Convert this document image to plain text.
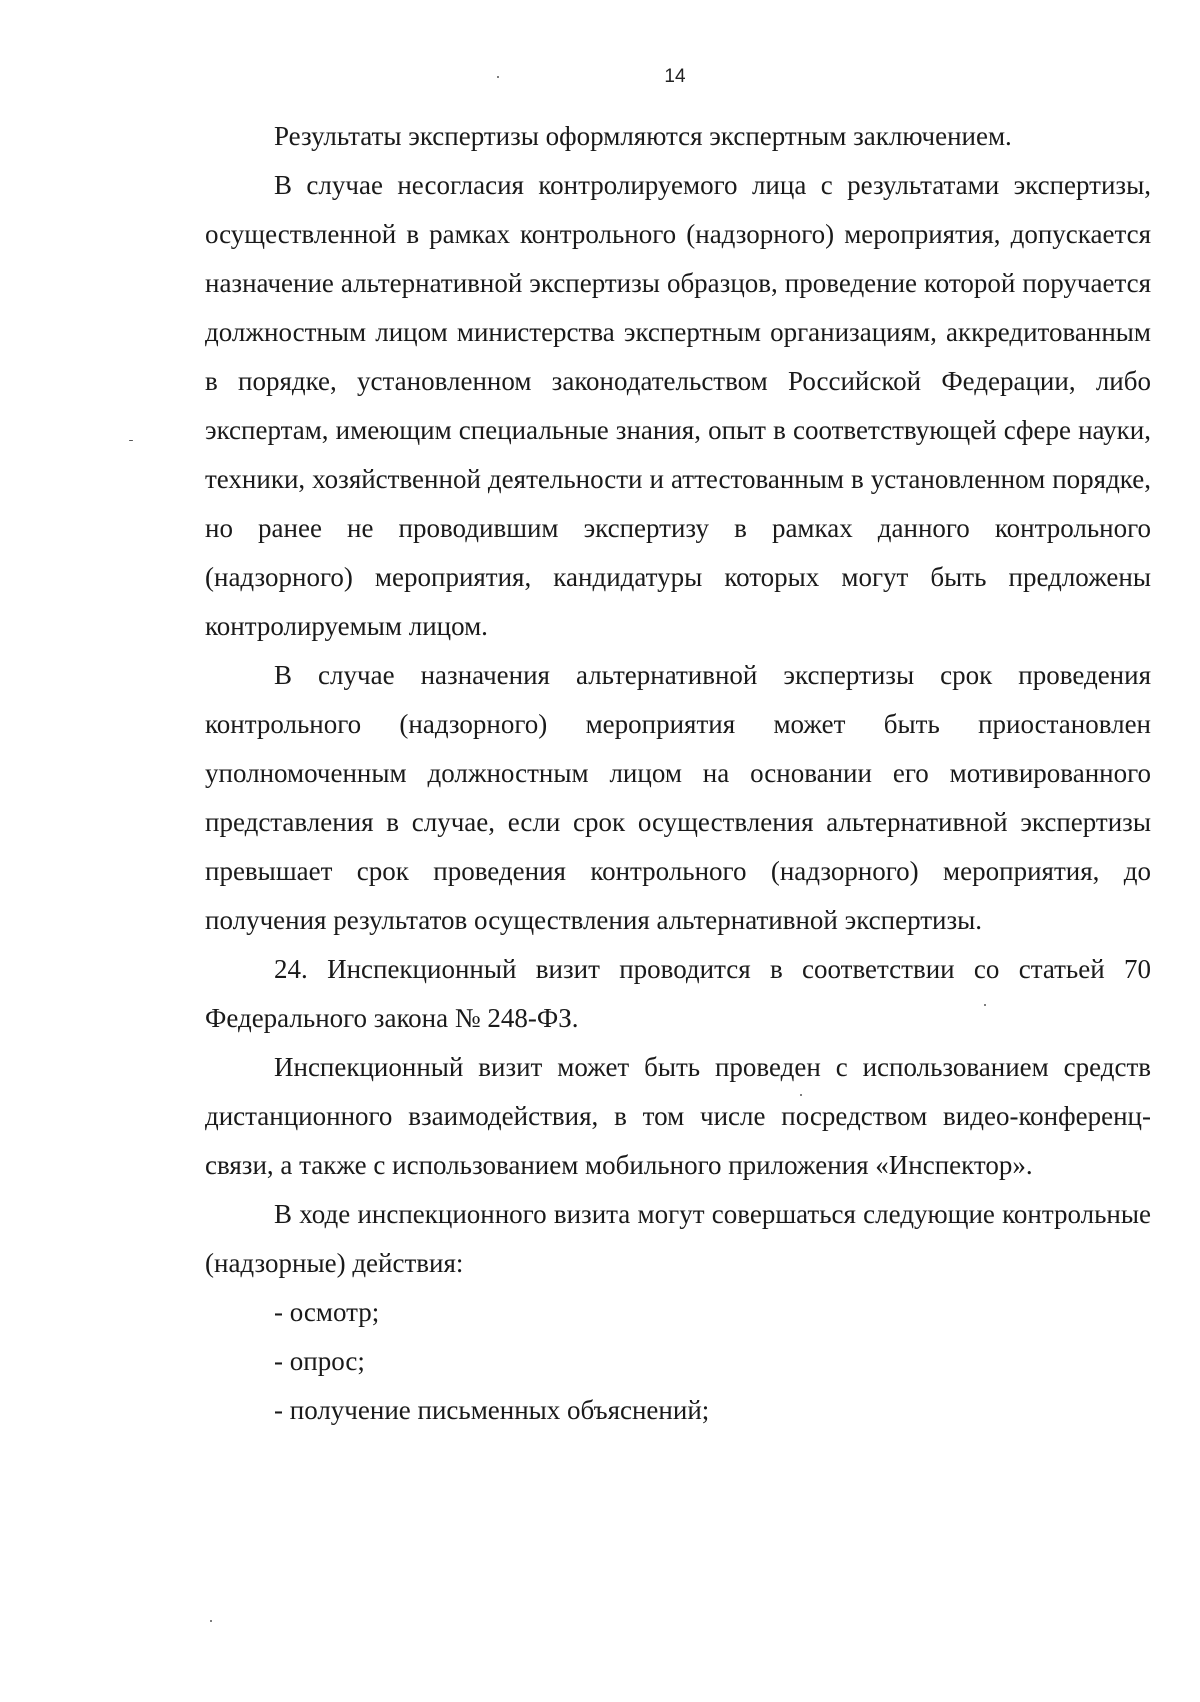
14

Результаты экспертизы оформляются экспертным заключением.

В случае несогласия контролируемого лица с результатами экспертизы, осуществленной в рамках контрольного (надзорного) мероприятия, допускается назначение альтернативной экспертизы образцов, проведение которой поручается должностным лицом министерства экспертным организациям, аккредитованным в порядке, установленном законодательством Российской Федерации, либо экспертам, имеющим специальные знания, опыт в соответствующей сфере науки, техники, хозяйственной деятельности и аттестованным в установленном порядке, но ранее не проводившим экспертизу в рамках данного контрольного (надзорного) мероприятия, кандидатуры которых могут быть предложены контролируемым лицом.

В случае назначения альтернативной экспертизы срок проведения контрольного (надзорного) мероприятия может быть приостановлен уполномоченным должностным лицом на основании его мотивированного представления в случае, если срок осуществления альтернативной экспертизы превышает срок проведения контрольного (надзорного) мероприятия, до получения результатов осуществления альтернативной экспертизы.

24. Инспекционный визит проводится в соответствии со статьей 70 Федерального закона № 248-ФЗ.

Инспекционный визит может быть проведен с использованием средств дистанционного взаимодействия, в том числе посредством видео-конференц-связи, а также с использованием мобильного приложения «Инспектор».

В ходе инспекционного визита могут совершаться следующие контрольные (надзорные) действия:

- осмотр;

- опрос;

- получение письменных объяснений;
